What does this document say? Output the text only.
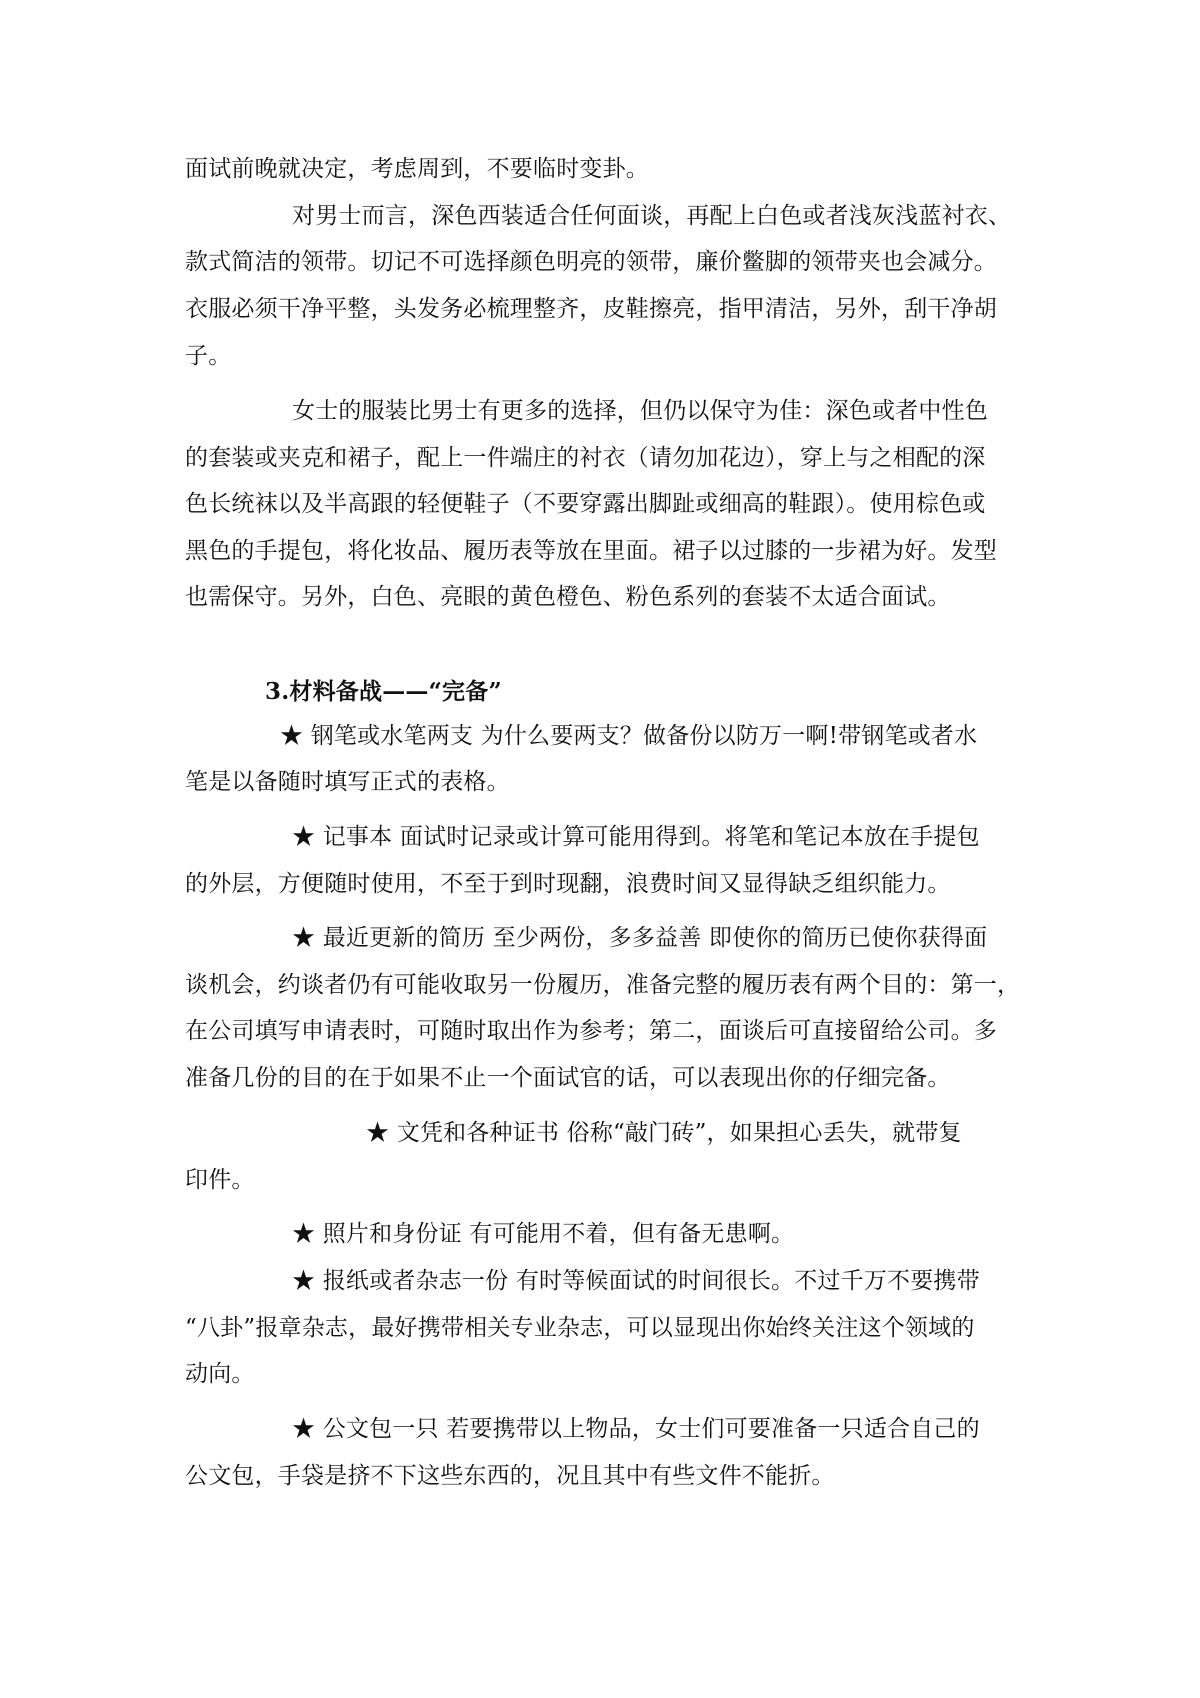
面试前晚就决定，考虑周到，不要临时变卦。
对男士而言，深色西装适合任何面谈，再配上白色或者浅灰浅蓝衬衣、
款式简洁的领带。切记不可选择颜色明亮的领带，廉价鳖脚的领带夹也会减分。
衣服必须干净平整，头发务必梳理整齐，皮鞋擦亮，指甲清洁，另外，刮干净胡
子。
女士的服装比男士有更多的选择，但仍以保守为佳：深色或者中性色
的套装或夹克和裙子，配上一件端庄的衬衣（请勿加花边），穿上与之相配的深
色长统袜以及半高跟的轻便鞋子（不要穿露出脚趾或细高的鞋跟）。使用棕色或
黑色的手提包，将化妆品、履历表等放在里面。裙子以过膝的一步裙为好。发型
也需保守。另外，白色、亮眼的黄色橙色、粉色系列的套装不太适合面试。
3.材料备战——“完备”
★ 钢笔或水笔两支 为什么要两支？做备份以防万一啊!带钢笔或者水
笔是以备随时填写正式的表格。
★ 记事本 面试时记录或计算可能用得到。将笔和笔记本放在手提包
的外层，方便随时使用，不至于到时现翻，浪费时间又显得缺乏组织能力。
★ 最近更新的简历 至少两份，多多益善 即使你的简历已使你获得面
谈机会，约谈者仍有可能收取另一份履历，准备完整的履历表有两个目的：第一，
在公司填写申请表时，可随时取出作为参考；第二，面谈后可直接留给公司。多
准备几份的目的在于如果不止一个面试官的话，可以表现出你的仔细完备。
★ 文凭和各种证书 俗称“敲门砖”，如果担心丢失，就带复
印件。
★ 照片和身份证 有可能用不着，但有备无患啊。
★ 报纸或者杂志一份 有时等候面试的时间很长。不过千万不要携带
“八卦”报章杂志，最好携带相关专业杂志，可以显现出你始终关注这个领域的
动向。
★ 公文包一只 若要携带以上物品，女士们可要准备一只适合自己的
公文包，手袋是挤不下这些东西的，况且其中有些文件不能折。
